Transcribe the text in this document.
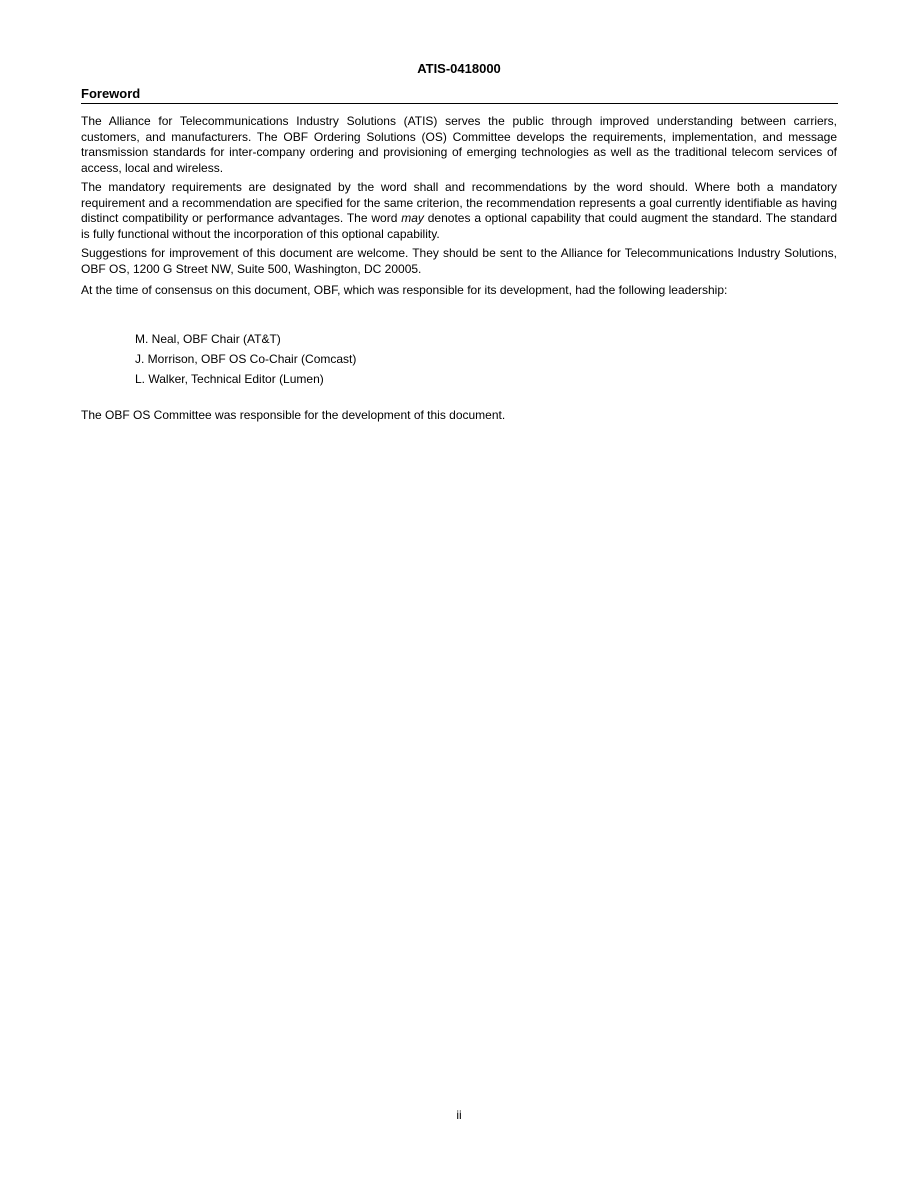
ATIS-0418000
Foreword

The Alliance for Telecommunications Industry Solutions (ATIS) serves the public through improved understanding between carriers, customers, and manufacturers. The OBF Ordering Solutions (OS) Committee develops the requirements, implementation, and message transmission standards for inter-company ordering and provisioning of emerging technologies as well as the traditional telecom services of access, local and wireless.

The mandatory requirements are designated by the word shall and recommendations by the word should. Where both a mandatory requirement and a recommendation are specified for the same criterion, the recommendation represents a goal currently identifiable as having distinct compatibility or performance advantages. The word may denotes a optional capability that could augment the standard. The standard is fully functional without the incorporation of this optional capability.

Suggestions for improvement of this document are welcome. They should be sent to the Alliance for Telecommunications Industry Solutions, OBF OS, 1200 G Street NW, Suite 500, Washington, DC 20005.

At the time of consensus on this document, OBF, which was responsible for its development, had the following leadership:

M. Neal, OBF Chair (AT&T)

J. Morrison, OBF OS Co-Chair (Comcast)

L. Walker, Technical Editor (Lumen)

The OBF OS Committee was responsible for the development of this document.

ii
